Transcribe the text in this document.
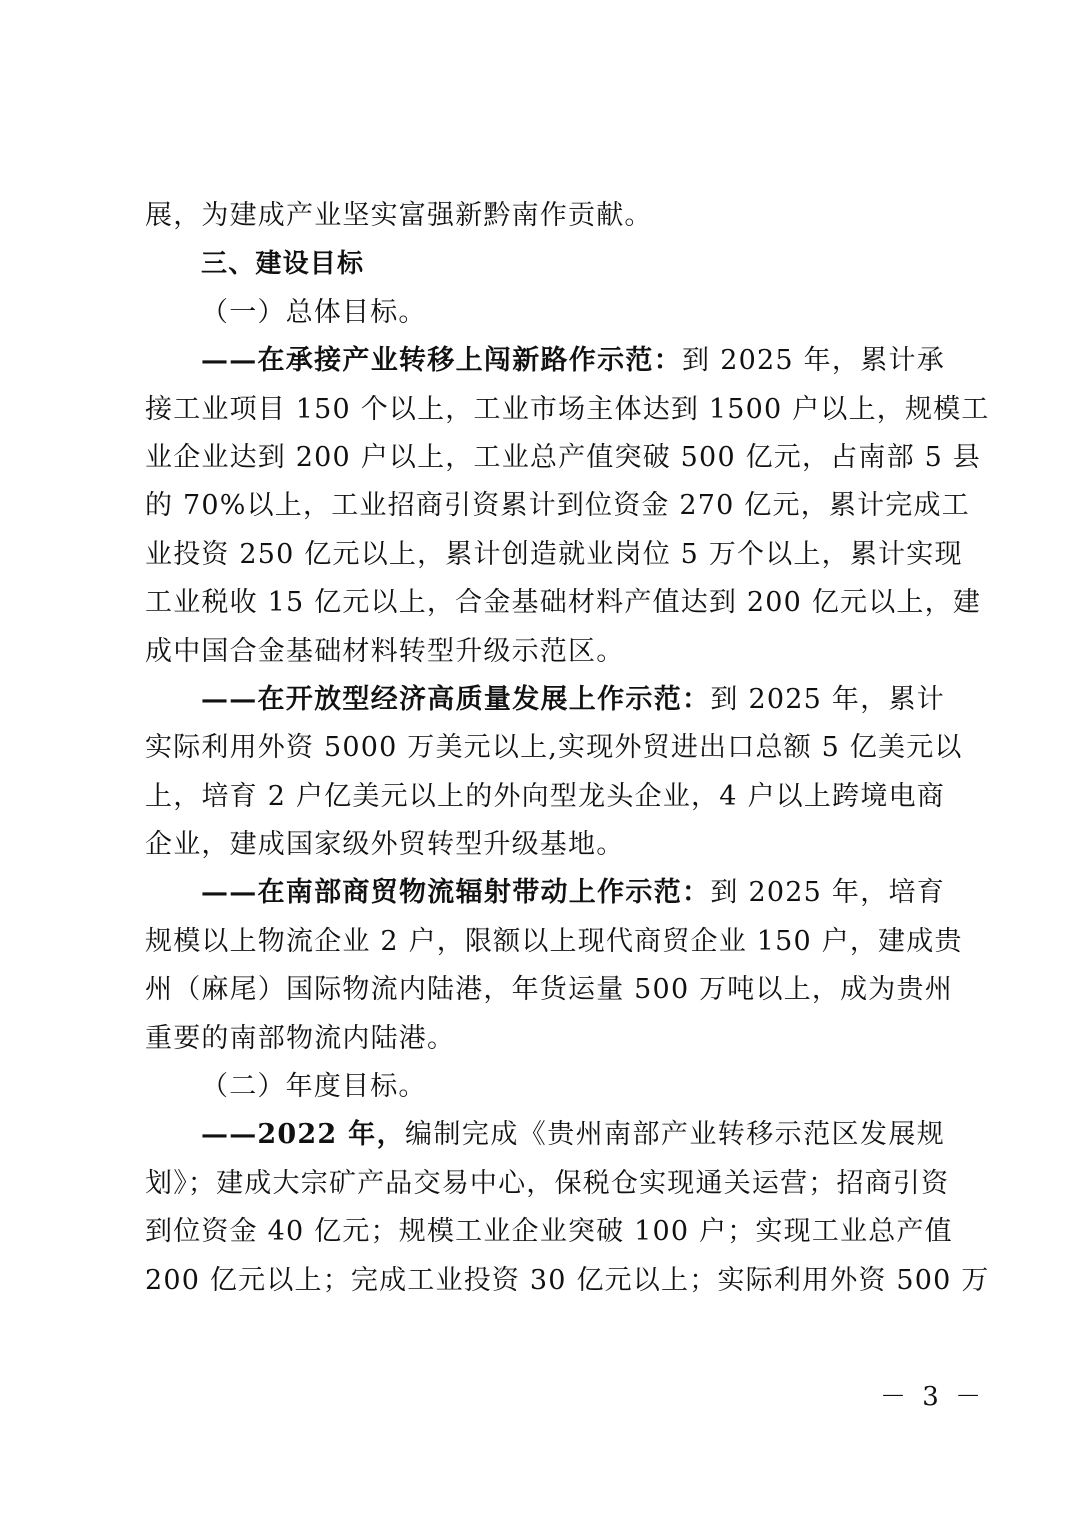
展，为建成产业坚实富强新黔南作贡献。
三、建设目标
（一）总体目标。
——在承接产业转移上闯新路作示范：到 2025 年，累计承
接工业项目 150 个以上，工业市场主体达到 1500 户以上，规模工
业企业达到 200 户以上，工业总产值突破 500 亿元，占南部 5 县
的 70%以上，工业招商引资累计到位资金 270 亿元，累计完成工
业投资 250 亿元以上，累计创造就业岗位 5 万个以上，累计实现
工业税收 15 亿元以上，合金基础材料产值达到 200 亿元以上，建
成中国合金基础材料转型升级示范区。
——在开放型经济高质量发展上作示范：到 2025 年，累计
实际利用外资 5000 万美元以上,实现外贸进出口总额 5 亿美元以
上，培育 2 户亿美元以上的外向型龙头企业，4 户以上跨境电商
企业，建成国家级外贸转型升级基地。
——在南部商贸物流辐射带动上作示范：到 2025 年，培育
规模以上物流企业 2 户，限额以上现代商贸企业 150 户，建成贵
州（麻尾）国际物流内陆港，年货运量 500 万吨以上，成为贵州
重要的南部物流内陆港。
（二）年度目标。
——2022 年，编制完成《贵州南部产业转移示范区发展规
划》；建成大宗矿产品交易中心，保税仓实现通关运营；招商引资
到位资金 40 亿元；规模工业企业突破 100 户；实现工业总产值
200 亿元以上；完成工业投资 30 亿元以上；实际利用外资 500 万
－ 3 －
